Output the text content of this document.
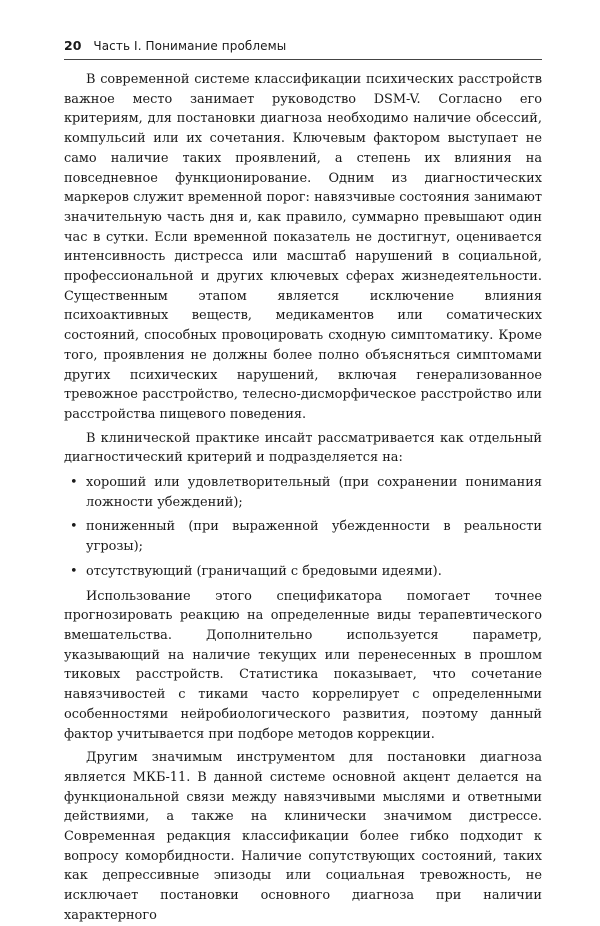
20 Часть I. Понимание проблемы

В современной системе классификации психических расстройств важное место занимает руководство DSM-V. Согласно его критериям, для постановки диагноза необходимо наличие обсессий, компульсий или их сочетания. Ключевым фактором выступает не само наличие таких проявлений, а степень их влияния на повседневное функционирование. Одним из диагностических маркеров служит временной порог: навязчивые состояния занимают значительную часть дня и, как правило, суммарно превышают один час в сутки. Если временной показатель не достигнут, оценивается интенсивность дистресса или масштаб нарушений в социальной, профессиональной и других ключевых сферах жизнедеятельности. Существенным этапом является исключение влияния психоактивных веществ, медикаментов или соматических состояний, способных провоцировать сходную симптоматику. Кроме того, проявления не должны более полно объясняться симптомами других психических нарушений, включая генерализованное тревожное расстройство, телесно-дисморфическое расстройство или расстройства пищевого поведения.

В клинической практике инсайт рассматривается как отдельный диагностический критерий и подразделяется на:

• хороший или удовлетворительный (при сохранении понимания ложности убеждений);
• пониженный (при выраженной убежденности в реальности угрозы);
• отсутствующий (граничащий с бредовыми идеями).

Использование этого спецификатора помогает точнее прогнозировать реакцию на определенные виды терапевтического вмешательства. Дополнительно используется параметр, указывающий на наличие текущих или перенесенных в прошлом тиковых расстройств. Статистика показывает, что сочетание навязчивостей с тиками часто коррелирует с определенными особенностями нейробиологического развития, поэтому данный фактор учитывается при подборе методов коррекции.

Другим значимым инструментом для постановки диагноза является МКБ-11. В данной системе основной акцент делается на функциональной связи между навязчивыми мыслями и ответными действиями, а также на клинически значимом дистрессе. Современная редакция классификации более гибко подходит к вопросу коморбидности. Наличие сопутствующих состояний, таких как депрессивные эпизоды или социальная тревожность, не исключает постановки основного диагноза при наличии характерного
